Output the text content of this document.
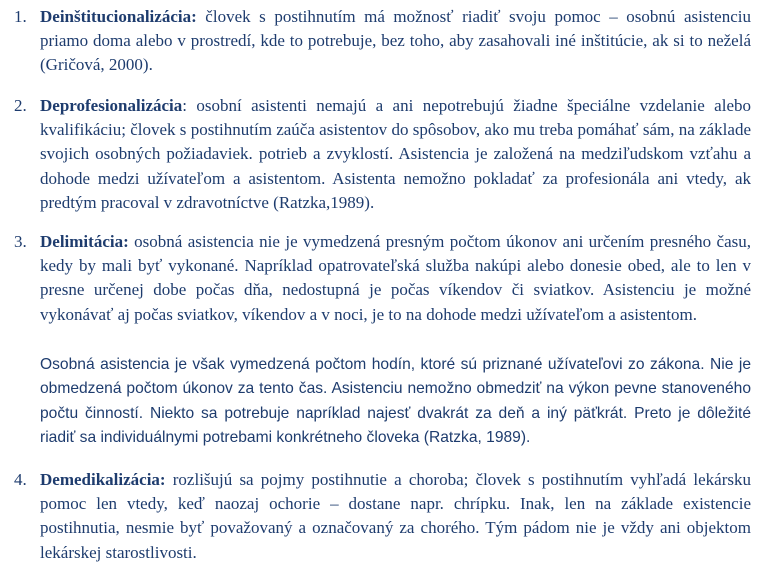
1. Deinštitucionalizácia: človek s postihnutím má možnosť riadiť svoju pomoc – osobnú asistenciu priamo doma alebo v prostredí, kde to potrebuje, bez toho, aby zasahovali iné inštitúcie, ak si to neželá (Gričová, 2000).
2. Deprofesionalizácia: osobní asistenti nemajú a ani nepotrebujú žiadne špeciálne vzdelanie alebo kvalifikáciu; človek s postihnutím zaúča asistentov do spôsobov, ako mu treba pomáhať sám, na základe svojich osobných požiadaviek. potrieb a zvyklostí. Asistencia je založená na medziľudskom vzťahu a dohode medzi užívateľom a asistentom. Asistenta nemožno pokladať za profesionála ani vtedy, ak predtým pracoval v zdravotníctve (Ratzka,1989).
3. Delimitácia: osobná asistencia nie je vymedzená presným počtom úkonov ani určením presného času, kedy by mali byť vykonané. Napríklad opatrovateľská služba nakúpi alebo donesie obed, ale to len v presne určenej dobe počas dňa, nedostupná je počas víkendov či sviatkov. Asistenciu je možné vykonávať aj počas sviatkov, víkendov a v noci, je to na dohode medzi užívateľom a asistentom.
Osobná asistencia je však vymedzená počtom hodín, ktoré sú priznané užívateľovi zo zákona. Nie je obmedzená počtom úkonov za tento čas. Asistenciu nemožno obmedziť na výkon pevne stanoveného počtu činností. Niekto sa potrebuje napríklad najesť dvakrát za deň a iný päťkrát. Preto je dôležité riadiť sa individuálnymi potrebami konkrétneho človeka (Ratzka, 1989).
4. Demedikalizácia: rozlišujú sa pojmy postihnutie a choroba; človek s postihnutím vyhľadá lekársku pomoc len vtedy, keď naozaj ochorie – dostane napr. chrípku. Inak, len na základe existencie postihnutia, nesmie byť považovaný a označovaný za chorého. Tým pádom nie je vždy ani objektom lekárskej starostlivosti.
